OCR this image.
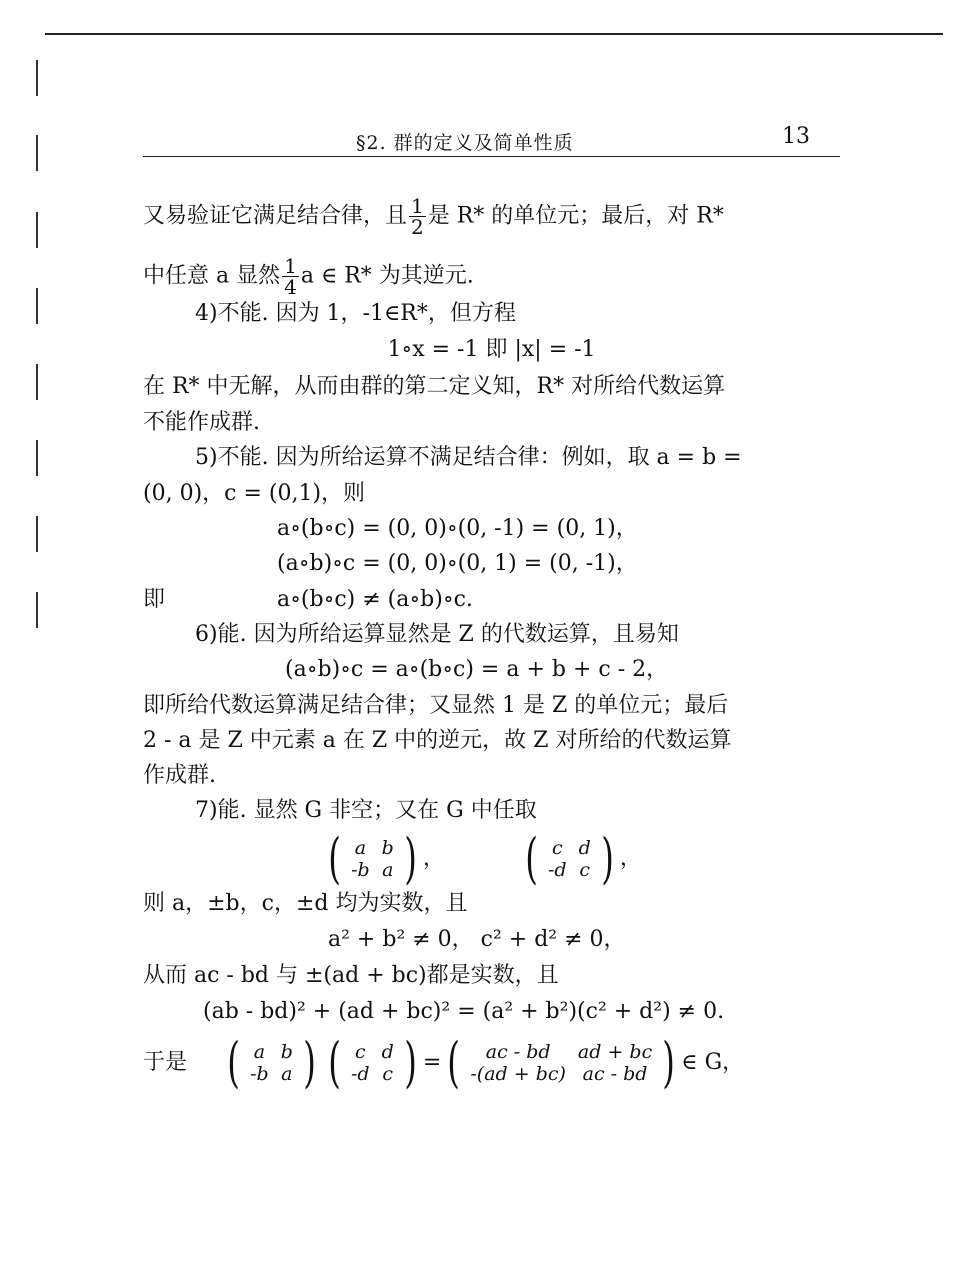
§2. 群的定义及简单性质	13
又易验证它满足结合律，且 $\frac{1}{2}$ 是 R* 的单位元；最后，对 R*
中任意 a 显然 $\frac{1}{4}$ a ∈ R* 为其逆元.
4)不能. 因为 1，-1∈R*，但方程
1∘x = -1 即 |x| = -1
在 R* 中无解，从而由群的第二定义知，R* 对所给代数运算
不能作成群.
5)不能. 因为所给运算不满足结合律：例如，取 a = b =
(0, 0)，c = (0,1)，则
a∘(b∘c) = (0, 0)∘(0, -1) = (0, 1)，
(a∘b)∘c = (0, 0)∘(0, 1) = (0, -1)，
即	a∘(b∘c) ≠ (a∘b)∘c.
6)能. 因为所给运算显然是 Z 的代数运算，且易知
(a∘b)∘c = a∘(b∘c) = a + b + c - 2，
即所给代数运算满足结合律；又显然 1 是 Z 的单位元；最后
2 - a 是 Z 中元素 a 在 Z 中的逆元，故 Z 对所给的代数运算
作成群.
7)能. 显然 G 非空；又在 G 中任取
( a	b
-b	a ) ， ( c	d
-d	c ) ，
则 a，±b，c，±d 均为实数，且
a² + b² ≠ 0， c² + d² ≠ 0，
从而 ac - bd 与 ±(ad + bc)都是实数，且
(ab - bd)² + (ad + bc)² = (a² + b²)(c² + d²) ≠ 0.
于是 ( a	b
-b	a ) ( c	d
-d	c ) = ( ac - bd	ad + bc
-(ad + bc)	ac - bd ) ∈ G，
